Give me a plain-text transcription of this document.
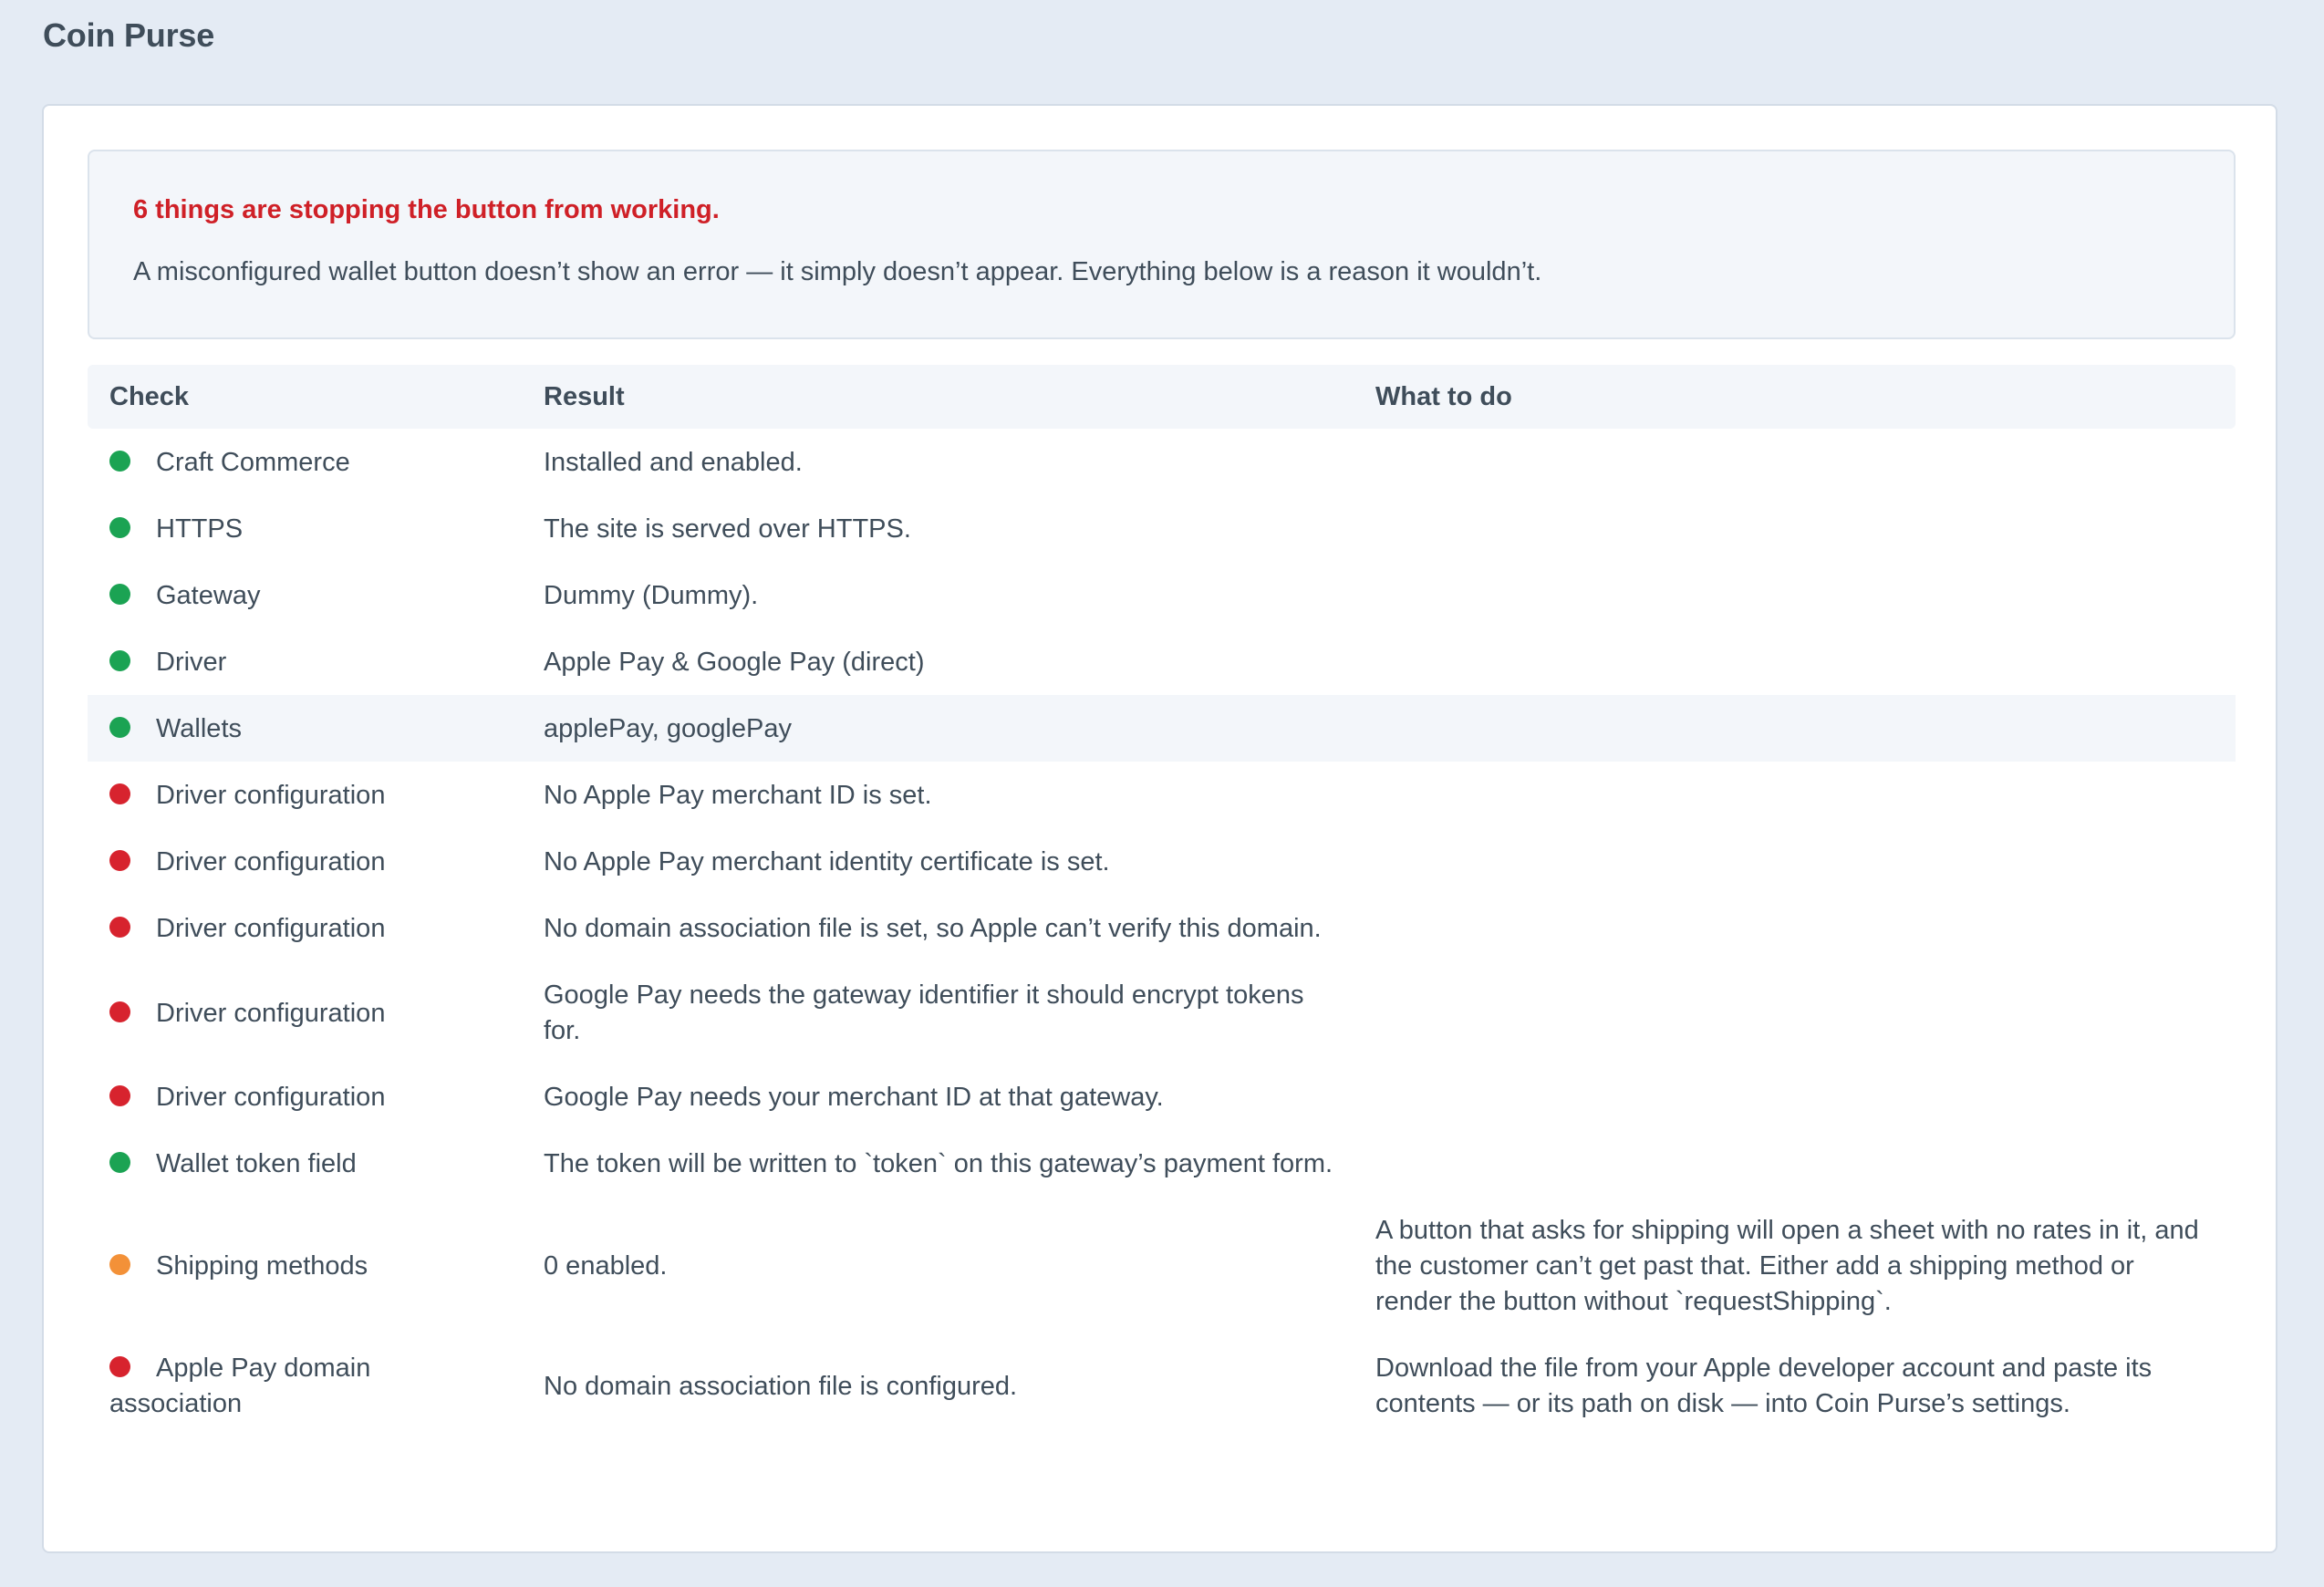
Coin Purse

6 things are stopping the button from working.

A misconfigured wallet button doesn’t show an error — it simply doesn’t appear. Everything below is a reason it wouldn’t.

Check	Result	What to do
Craft Commerce	Installed and enabled.	
HTTPS	The site is served over HTTPS.	
Gateway	Dummy (Dummy).	
Driver	Apple Pay & Google Pay (direct)	
Wallets	applePay, googlePay	
Driver configuration	No Apple Pay merchant ID is set.	
Driver configuration	No Apple Pay merchant identity certificate is set.	
Driver configuration	No domain association file is set, so Apple can’t verify this domain.	
Driver configuration	Google Pay needs the gateway identifier it should encrypt tokens for.	
Driver configuration	Google Pay needs your merchant ID at that gateway.	
Wallet token field	The token will be written to `token` on this gateway’s payment form.	
Shipping methods	0 enabled.	A button that asks for shipping will open a sheet with no rates in it, and the customer can’t get past that. Either add a shipping method or render the button without `requestShipping`.
Apple Pay domain association	No domain association file is configured.	Download the file from your Apple developer account and paste its contents — or its path on disk — into Coin Purse’s settings.
